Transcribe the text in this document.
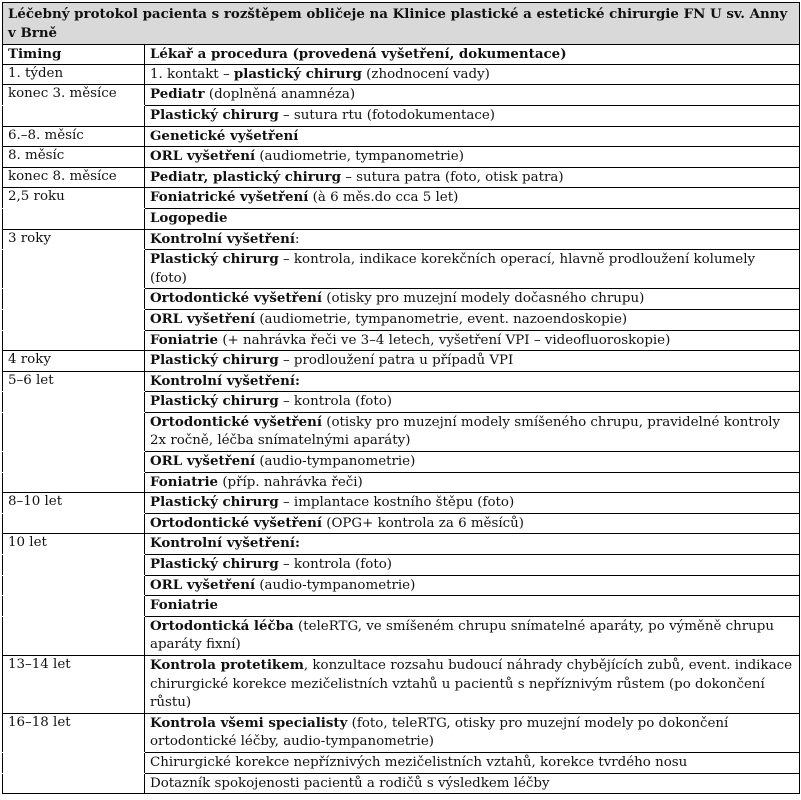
Léčebný protokol pacienta s rozštěpem obličeje na Klinice plastické a estetické chirurgie FN U sv. Anny v Brně	
Timing	Lékař a procedura (provedená vyšetření, dokumentace)
1. týden	1. kontakt – plastický chirurg (zhodnocení vady)
konec 3. měsíce	Pediatr (doplněná anamnéza)
	Plastický chirurg – sutura rtu (fotodokumentace)
6.–8. měsíc	Genetické vyšetření
8. měsíc	ORL vyšetření (audiometrie, tympanometrie)
konec 8. měsíce	Pediatr, plastický chirurg – sutura patra (foto, otisk patra)
2,5 roku	Foniatrické vyšetření (à 6 měs.do cca 5 let)
	Logopedie
3 roky	Kontrolní vyšetření:
	Plastický chirurg – kontrola, indikace korekčních operací, hlavně prodloužení kolumely (foto)
	Ortodontické vyšetření (otisky pro muzejní modely dočasného chrupu)
	ORL vyšetření (audiometrie, tympanometrie, event. nazoendoskopie)
	Foniatrie (+ nahrávka řeči ve 3–4 letech, vyšetření VPI – videofluoroskopie)
4 roky	Plastický chirurg – prodloužení patra u případů VPI
5–6 let	Kontrolní vyšetření:
	Plastický chirurg – kontrola (foto)
	Ortodontické vyšetření (otisky pro muzejní modely smíšeného chrupu, pravidelné kontroly 2x ročně, léčba snímatelnými aparáty)
	ORL vyšetření (audio-tympanometrie)
	Foniatrie (příp. nahrávka řeči)
8–10 let	Plastický chirurg – implantace kostního štěpu (foto)
	Ortodontické vyšetření (OPG+ kontrola za 6 měsíců)
10 let	Kontrolní vyšetření:
	Plastický chirurg – kontrola (foto)
	ORL vyšetření (audio-tympanometrie)
	Foniatrie
	Ortodontická léčba (teleRTG, ve smíšeném chrupu snímatelné aparáty, po výměně chrupu aparáty fixní)
13–14 let	Kontrola protetikem, konzultace rozsahu budoucí náhrady chybějících zubů, event. indikace chirurgické korekce mezičelistních vztahů u pacientů s nepříznivým růstem (po dokončení růstu)
16–18 let	Kontrola všemi specialisty (foto, teleRTG, otisky pro muzejní modely po dokončení ortodontické léčby, audio-tympanometrie)
	Chirurgické korekce nepříznivých mezičelistních vztahů, korekce tvrdého nosu
	Dotazník spokojenosti pacientů a rodičů s výsledkem léčby
